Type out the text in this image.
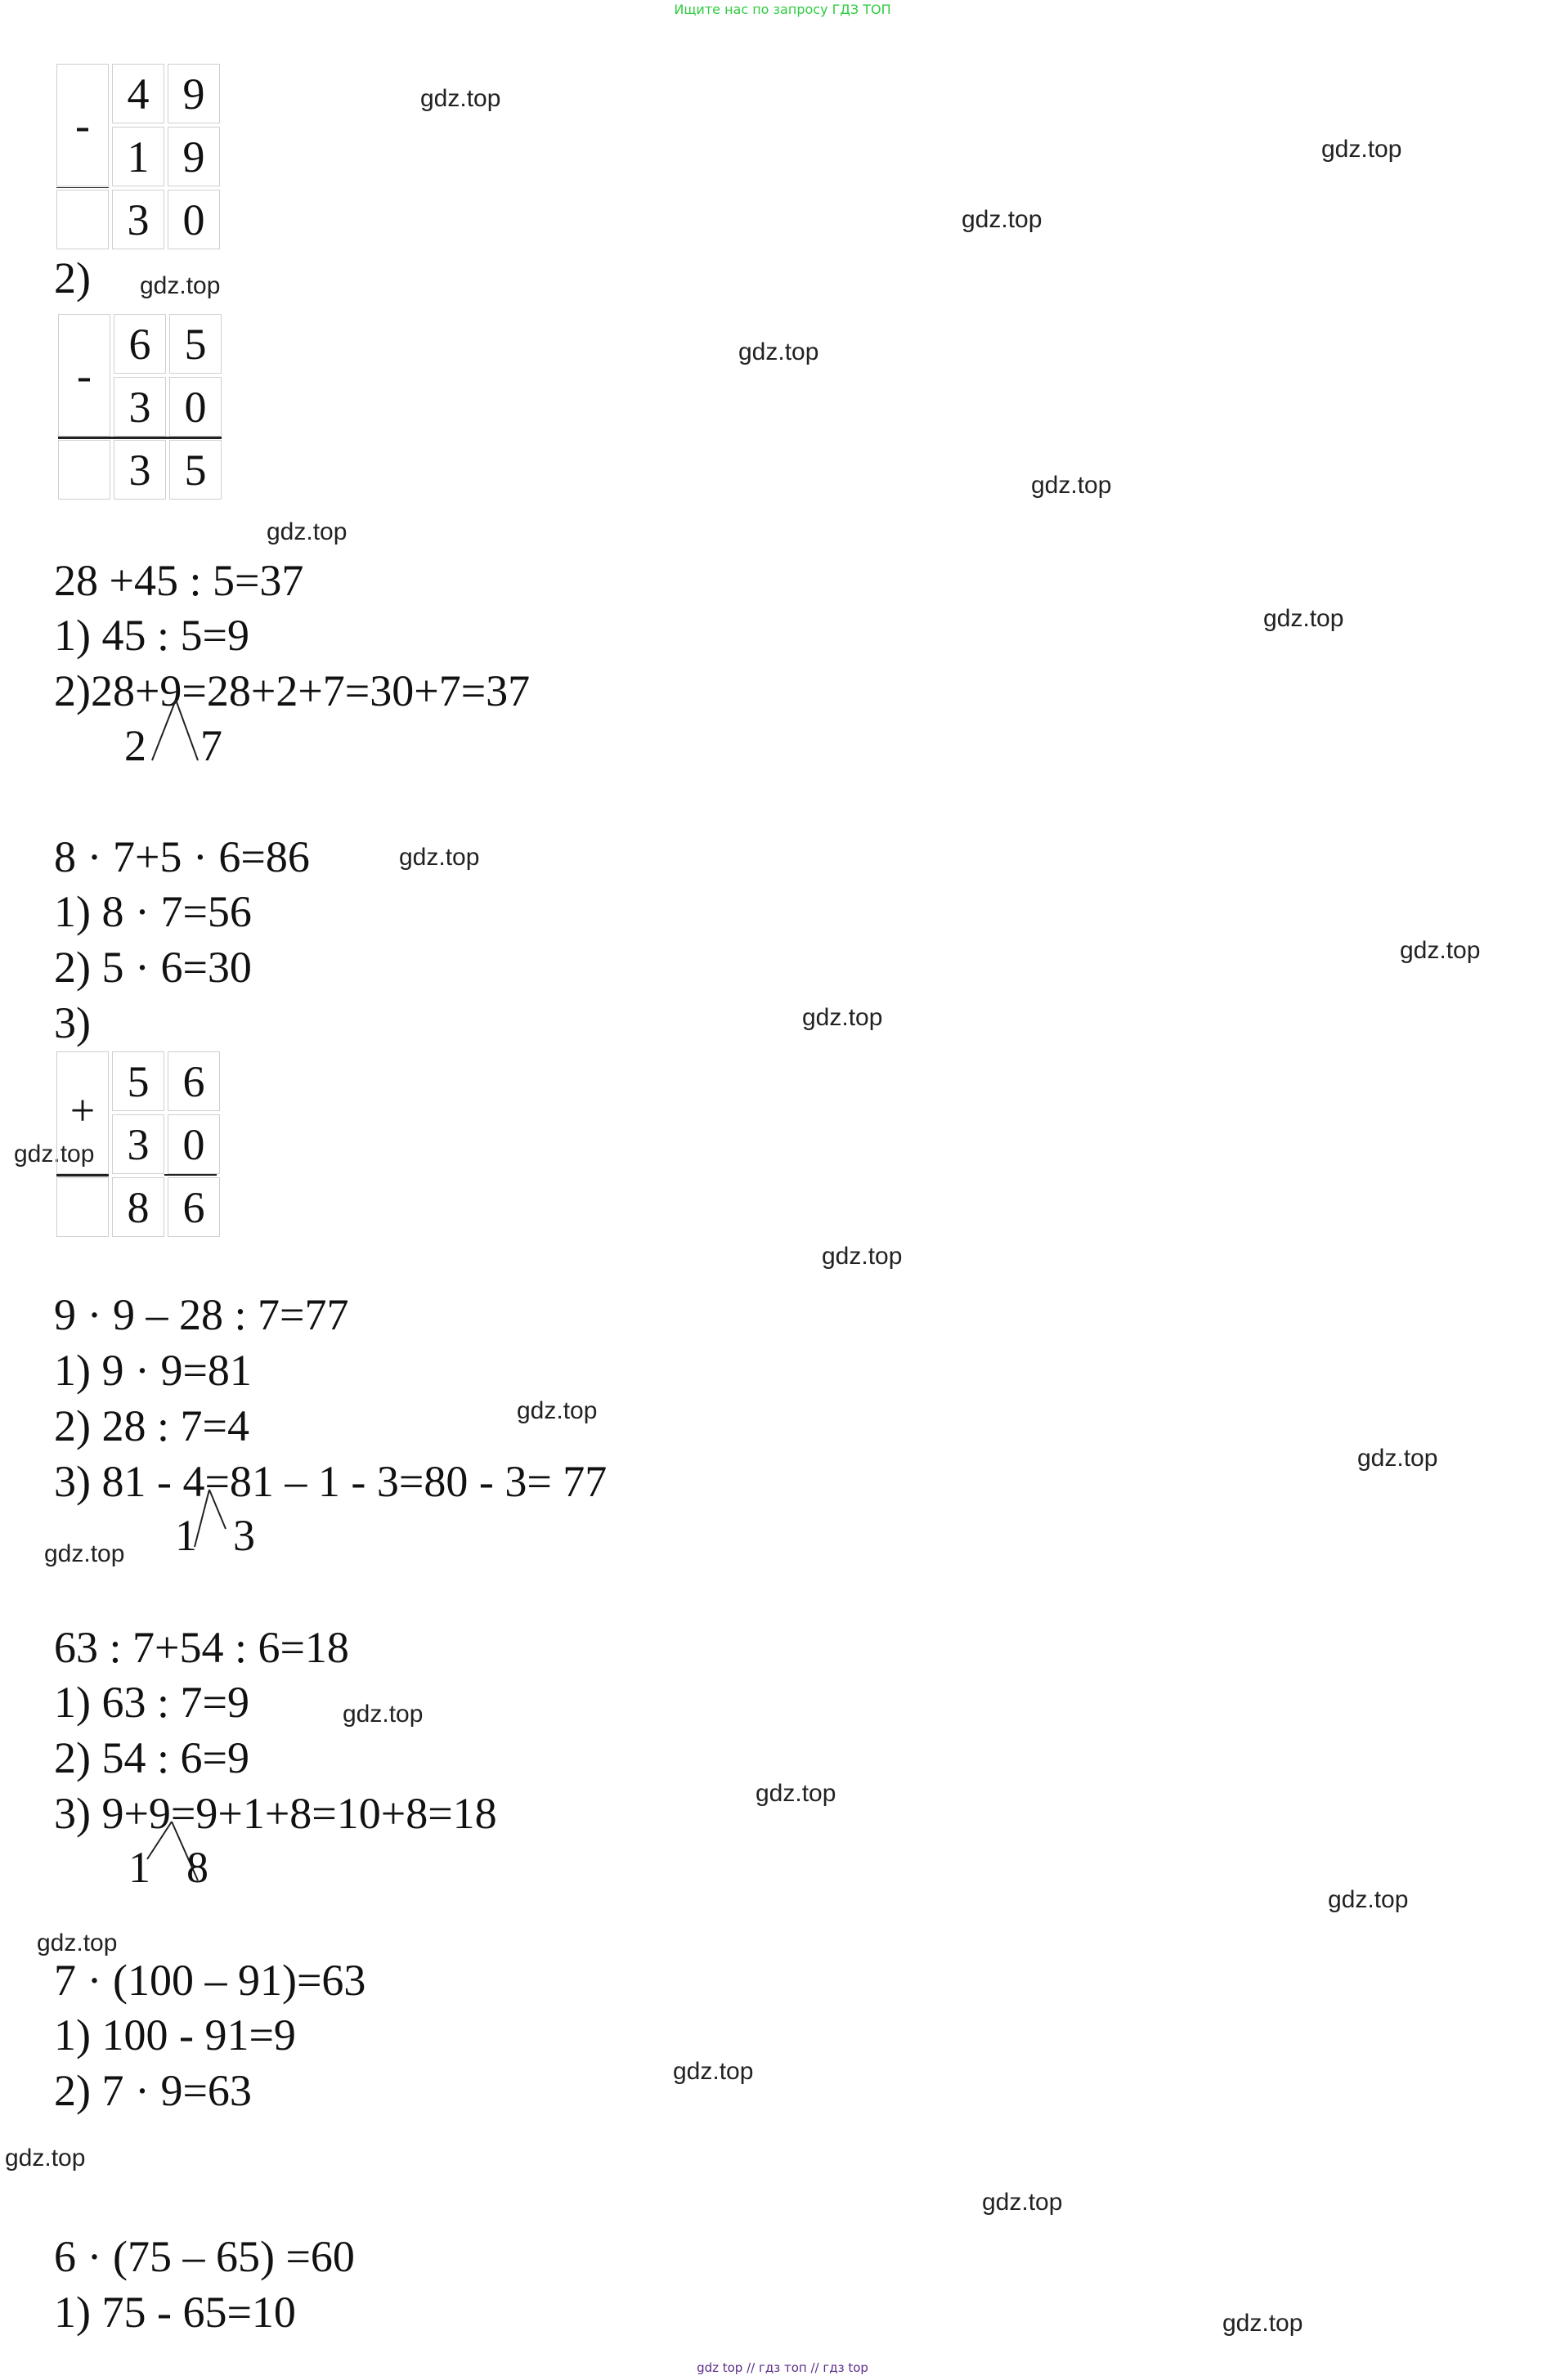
Ищите нас по запросу ГДЗ ТОП
gdz.top
gdz.top
gdz.top
gdz.top
gdz.top
gdz.top
gdz.top
gdz.top
gdz.top
gdz.top
gdz.top
gdz.top
gdz.top
gdz.top
gdz.top
gdz.top
gdz.top
gdz.top
gdz.top
gdz.top
gdz.top
gdz.top
gdz.top
gdz.top
-
4 9
1 9
3 0
2)
-
6 5
3 0
3 5
28 +45 : 5=37
1) 45 : 5=9
2)28+9=28+2+7=30+7=37
2 7
8 · 7+5 · 6=86
1) 8 · 7=56
2) 5 · 6=30
3)
+
5 6
3 0
8 6
9 · 9 – 28 : 7=77
1) 9 · 9=81
2) 28 : 7=4
3) 81 - 4=81 – 1 - 3=80 - 3= 77
1 3
63 : 7+54 : 6=18
1) 63 : 7=9
2) 54 : 6=9
3) 9+9=9+1+8=10+8=18
1 8
7 · (100 – 91)=63
1) 100 - 91=9
2) 7 · 9=63
6 · (75 – 65) =60
1) 75 - 65=10
gdz top // гдз топ // гдз top
